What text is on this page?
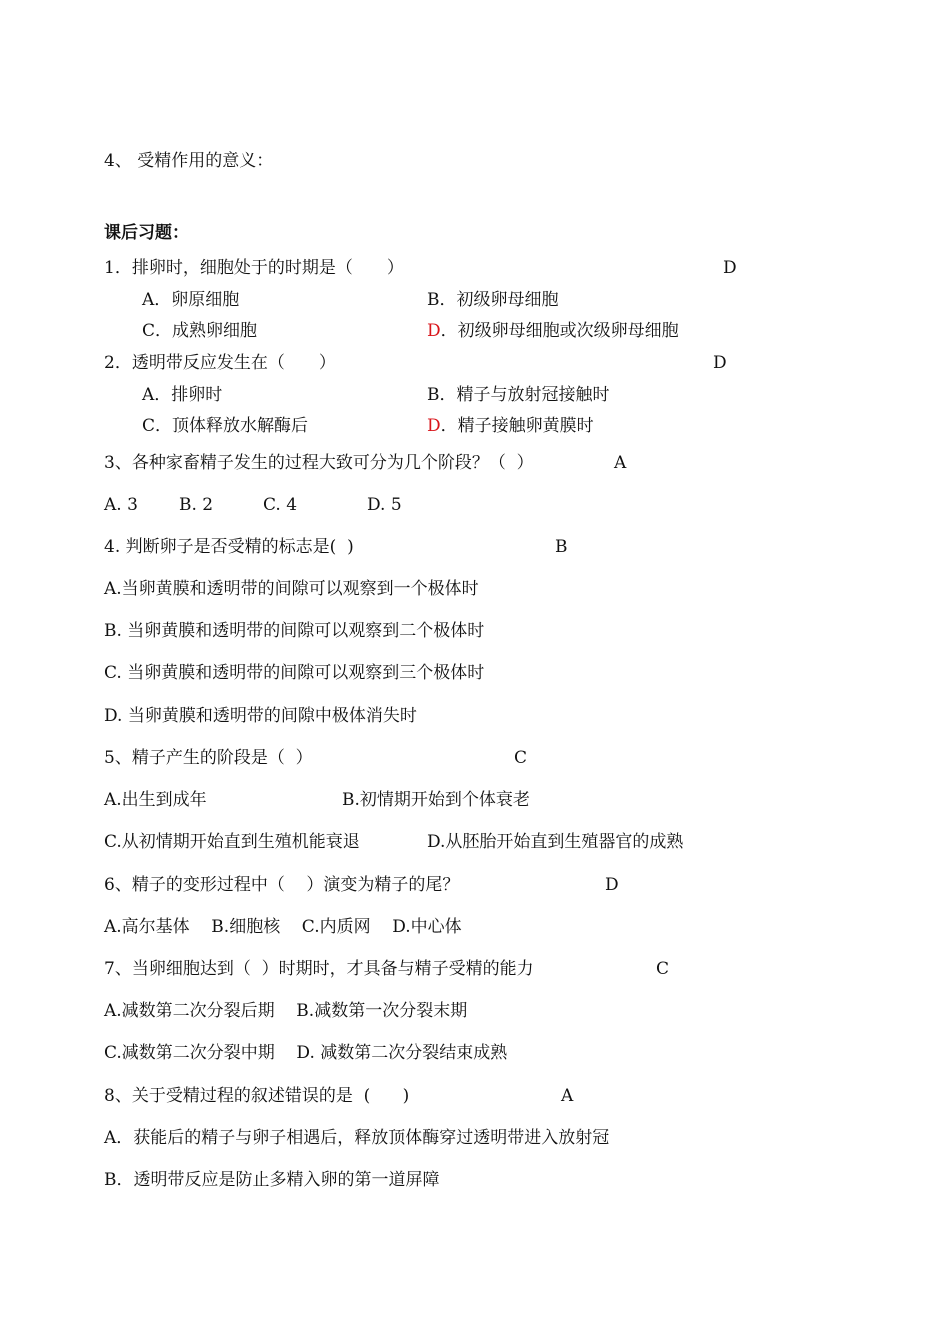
4、 受精作用的意义：
课后习题：
1．排卵时，细胞处于的时期是（　　）	D
A．卵原细胞	B．初级卵母细胞
C．成熟卵细胞	D．初级卵母细胞或次级卵母细胞
2．透明带反应发生在（　　）	D
A．排卵时	B．精子与放射冠接触时
C．顶体释放水解酶后	D．精子接触卵黄膜时
3、各种家畜精子发生的过程大致可分为几个阶段？（  ）	A
A. 3 B. 2	C. 4	D. 5
4. 判断卵子是否受精的标志是(  )	B
A.当卵黄膜和透明带的间隙可以观察到一个极体时
B. 当卵黄膜和透明带的间隙可以观察到二个极体时
C. 当卵黄膜和透明带的间隙可以观察到三个极体时
D. 当卵黄膜和透明带的间隙中极体消失时
5、精子产生的阶段是（  ）	C
A.出生到成年	B.初情期开始到个体衰老
C.从初情期开始直到生殖机能衰退	D.从胚胎开始直到生殖器官的成熟
6、精子的变形过程中（    ）演变为精子的尾？	D
A.高尔基体    B.细胞核    C.内质网    D.中心体
7、当卵细胞达到（  ）时期时，才具备与精子受精的能力	C
A.减数第二次分裂后期    B.减数第一次分裂末期
C.减数第二次分裂中期    D. 减数第二次分裂结束成熟
8、关于受精过程的叙述错误的是  (      )	A
A．获能后的精子与卵子相遇后，释放顶体酶穿过透明带进入放射冠
B．透明带反应是防止多精入卵的第一道屏障
